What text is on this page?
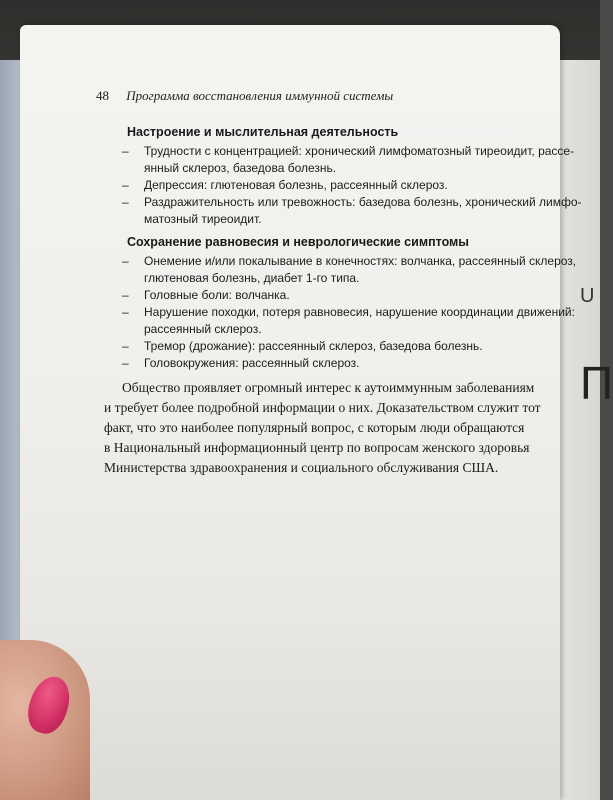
U
П
48 Программа восстановления иммунной системы
Настроение и мыслительная деятельность
– Трудности с концентрацией: хронический лимфоматозный тиреоидит, рассе-
янный склероз, базедова болезнь.
– Депрессия: глютеновая болезнь, рассеянный склероз.
– Раздражительность или тревожность: базедова болезнь, хронический лимфо-
матозный тиреоидит.
Сохранение равновесия и неврологические симптомы
– Онемение и/или покалывание в конечностях: волчанка, рассеянный склероз,
глютеновая болезнь, диабет 1-го типа.
– Головные боли: волчанка.
– Нарушение походки, потеря равновесия, нарушение координации движений:
рассеянный склероз.
– Тремор (дрожание): рассеянный склероз, базедова болезнь.
– Головокружения: рассеянный склероз.
Общество проявляет огромный интерес к аутоиммунным заболеваниям
и требует более подробной информации о них. Доказательством служит тот
факт, что это наиболее популярный вопрос, с которым люди обращаются
в Национальный информационный центр по вопросам женского здоровья
Министерства здравоохранения и социального обслуживания США.
